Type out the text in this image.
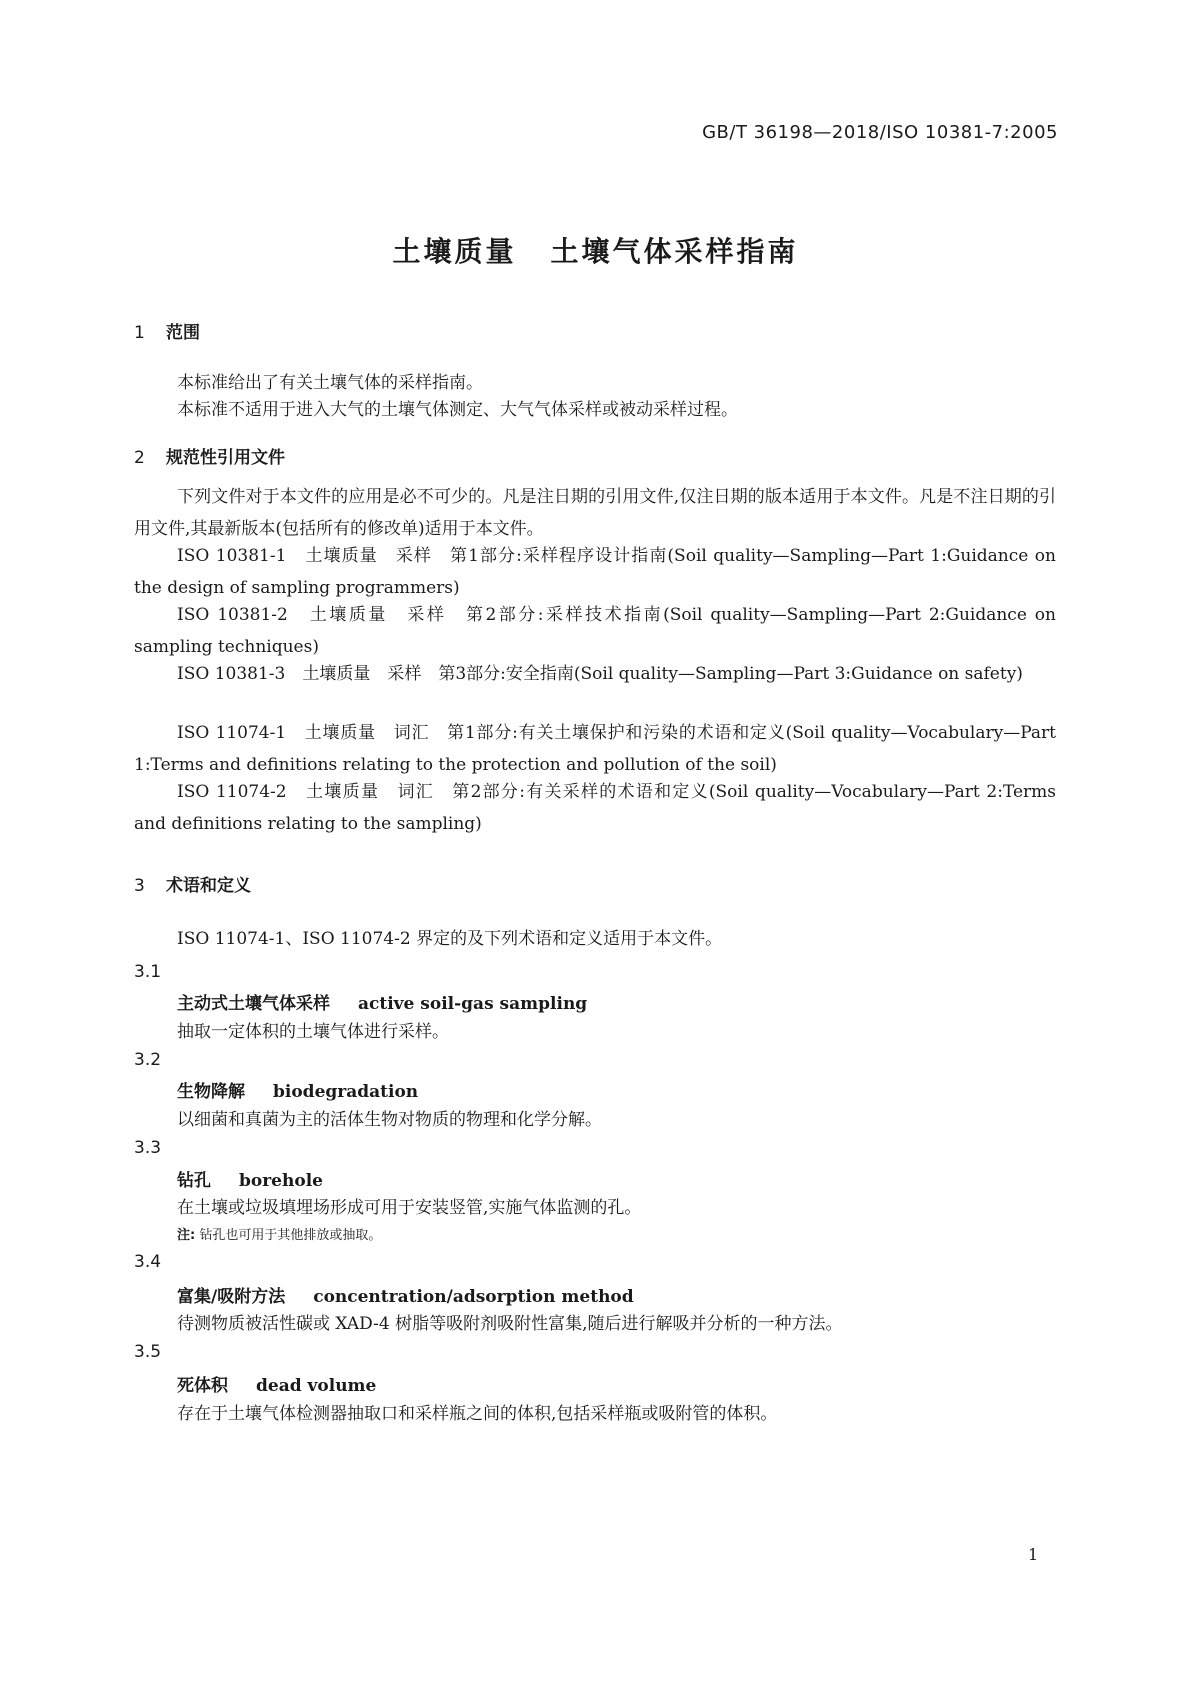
GB/T 36198—2018/ISO 10381-7:2005
土壤质量 土壤气体采样指南
1 范围
本标准给出了有关土壤气体的采样指南。
本标准不适用于进入大气的土壤气体测定、大气气体采样或被动采样过程。
2 规范性引用文件
下列文件对于本文件的应用是必不可少的。凡是注日期的引用文件,仅注日期的版本适用于本文件。凡是不注日期的引用文件,其最新版本(包括所有的修改单)适用于本文件。
ISO 10381-1　土壤质量　采样　第1部分:采样程序设计指南(Soil quality—Sampling—Part 1:Guidance on the design of sampling programmers)
ISO 10381-2　土壤质量　采样　第2部分:采样技术指南(Soil quality—Sampling—Part 2:Guidance on sampling techniques)
ISO 10381-3　土壤质量　采样　第3部分:安全指南(Soil quality—Sampling—Part 3:Guidance on safety)
ISO 11074-1　土壤质量　词汇　第1部分:有关土壤保护和污染的术语和定义(Soil quality—Vocabulary—Part 1:Terms and definitions relating to the protection and pollution of the soil)
ISO 11074-2　土壤质量　词汇　第2部分:有关采样的术语和定义(Soil quality—Vocabulary—Part 2:Terms and definitions relating to the sampling)
3 术语和定义
ISO 11074-1、ISO 11074-2 界定的及下列术语和定义适用于本文件。
3.1
主动式土壤气体采样 active soil-gas sampling
抽取一定体积的土壤气体进行采样。
3.2
生物降解 biodegradation
以细菌和真菌为主的活体生物对物质的物理和化学分解。
3.3
钻孔 borehole
在土壤或垃圾填埋场形成可用于安装竖管,实施气体监测的孔。
注: 钻孔也可用于其他排放或抽取。
3.4
富集/吸附方法 concentration/adsorption method
待测物质被活性碳或 XAD-4 树脂等吸附剂吸附性富集,随后进行解吸并分析的一种方法。
3.5
死体积 dead volume
存在于土壤气体检测器抽取口和采样瓶之间的体积,包括采样瓶或吸附管的体积。
1
